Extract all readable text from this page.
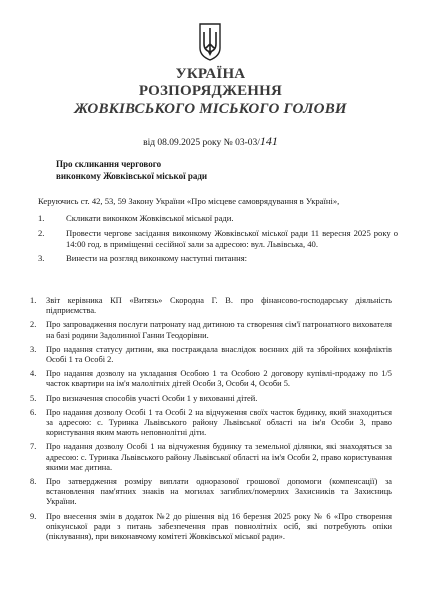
УКРАЇНА
РОЗПОРЯДЖЕННЯ
ЖОВКІВСЬКОГО МІСЬКОГО ГОЛОВИ
від 08.09.2025 року № 03-03/141
Про скликання чергового
виконкому Жовківської міської ради
Керуючись ст. 42, 53, 59 Закону України «Про місцеве самоврядування в Україні»,
1.	Скликати виконком Жовківської міської ради.
2.	Провести чергове засідання виконкому Жовківської міської ради 11 вересня 2025 року о 14:00 год. в приміщенні сесійної зали за адресою: вул. Львівська, 40.
3.	Винести на розгляд виконкому наступні питання:
1.	Звіт керівника КП «Витязь» Скородна Г. В. про фінансово-господарську діяльність підприємства.
2.	Про запровадження послуги патронату над дитиною та створення сім'ї патронатного вихователя на базі родини Задолинної Ганни Теодорівни.
3.	Про надання статусу дитини, яка постраждала внаслідок воєнних дій та збройних конфліктів Особі 1 та Особі 2.
4.	Про надання дозволу на укладання Особою 1 та Особою 2 договору купівлі-продажу по 1/5 часток квартири на ім'я малолітніх дітей Особи 3, Особи 4, Особи 5.
5.	Про визначення способів участі Особи 1 у вихованні дітей.
6.	Про надання дозволу Особі 1 та Особі 2 на відчуження своїх часток будинку, який знаходиться за адресою: с. Туринка Львівського району Львівської області на ім'я Особи 3, право користування яким мають неповнолітні діти.
7.	Про надання дозволу Особі 1 на відчуження будинку та земельної ділянки, які знаходяться за адресою: с. Туринка Львівського району Львівської області на ім'я Особи 2, право користування якими має дитина.
8.	Про затвердження розміру виплати одноразової грошової допомоги (компенсації) за встановлення пам'ятних знаків на могилах загиблих/померлих Захисників та Захисниць України.
9.	Про внесення змін в додаток №2 до рішення від 16 березня 2025 року № 6 «Про створення опікунської ради з питань забезпечення прав повнолітніх осіб, які потребують опіки (піклування), при виконавчому комітеті Жовківської міської ради».
